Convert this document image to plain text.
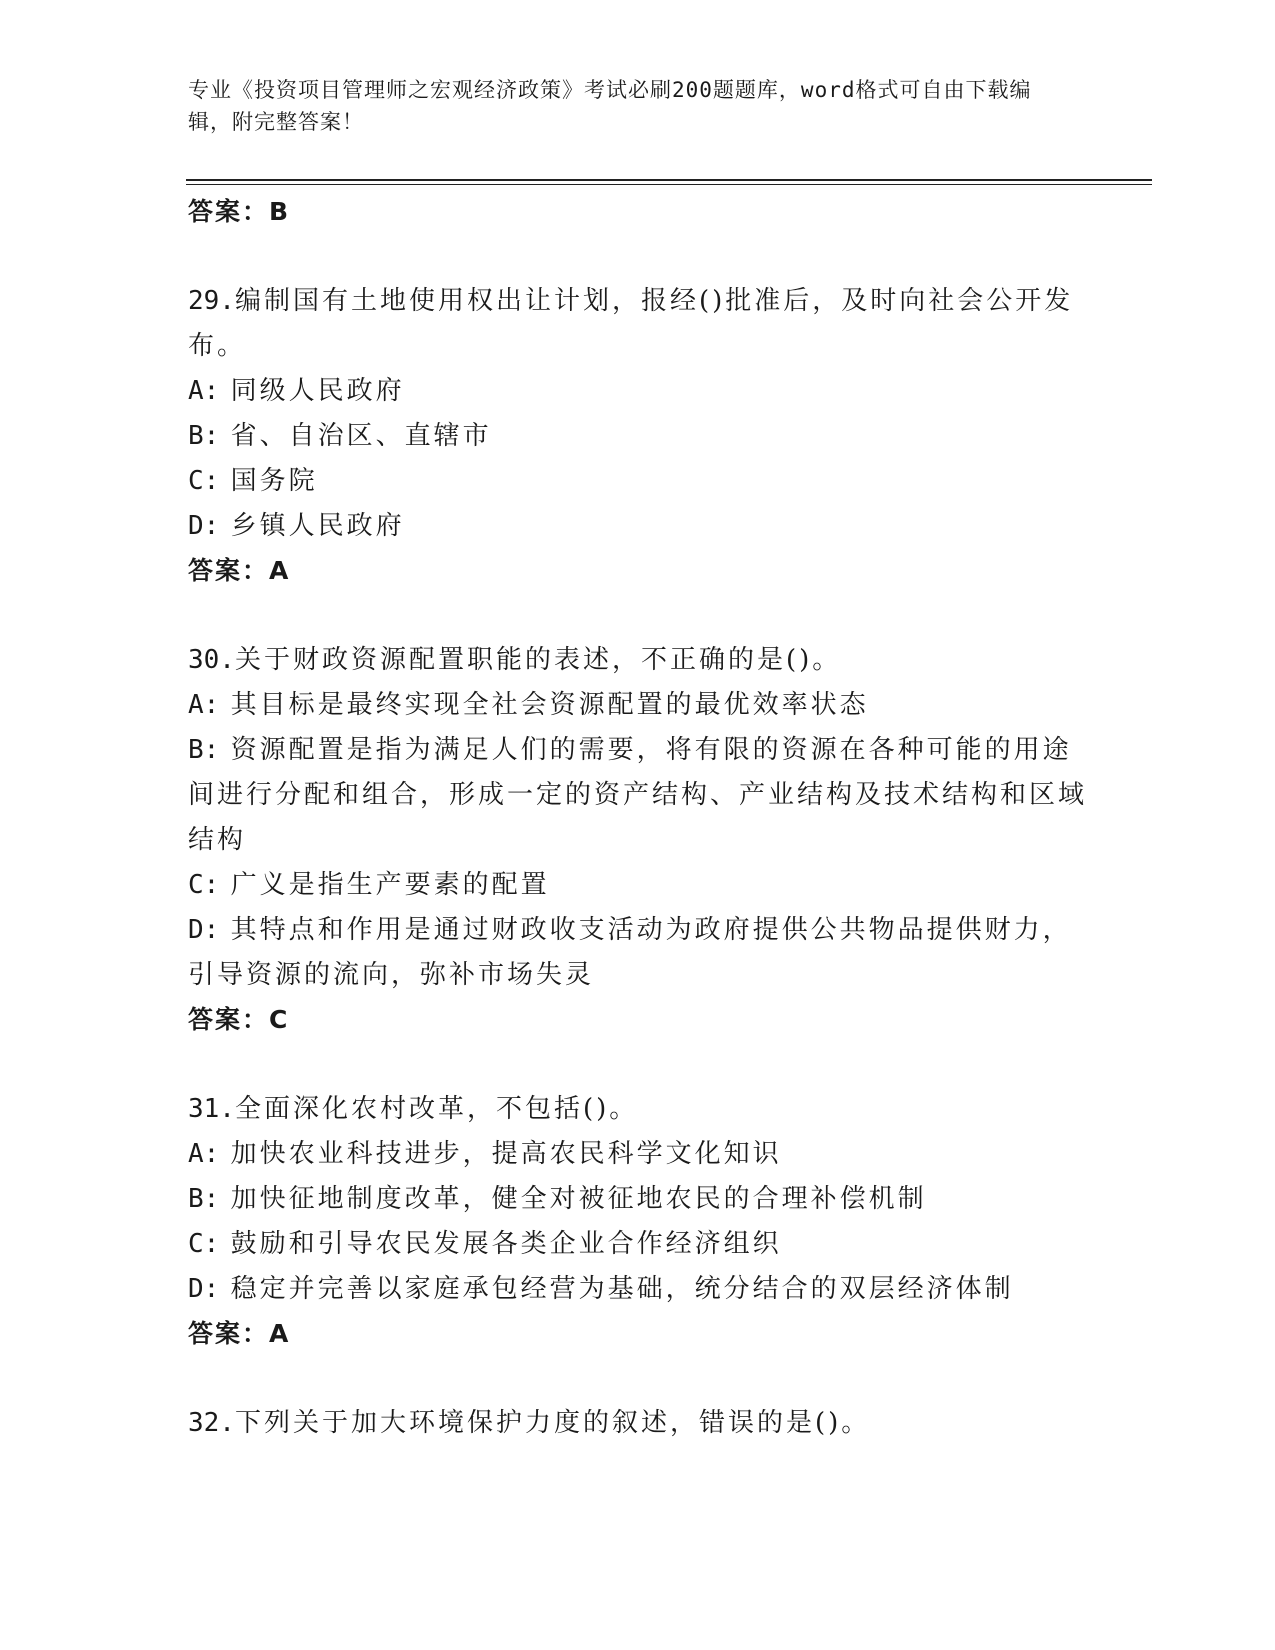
专业《投资项目管理师之宏观经济政策》考试必刷200题题库，word格式可自由下载编辑，附完整答案！

答案：B

29.编制国有土地使用权出让计划，报经()批准后，及时向社会公开发布。

A: 同级人民政府

B: 省、自治区、直辖市

C: 国务院

D: 乡镇人民政府

答案：A

30.关于财政资源配置职能的表述，不正确的是()。

A: 其目标是最终实现全社会资源配置的最优效率状态

B: 资源配置是指为满足人们的需要，将有限的资源在各种可能的用途间进行分配和组合，形成一定的资产结构、产业结构及技术结构和区域结构

C: 广义是指生产要素的配置

D: 其特点和作用是通过财政收支活动为政府提供公共物品提供财力，引导资源的流向，弥补市场失灵

答案：C

31.全面深化农村改革，不包括()。

A: 加快农业科技进步，提高农民科学文化知识

B: 加快征地制度改革，健全对被征地农民的合理补偿机制

C: 鼓励和引导农民发展各类企业合作经济组织

D: 稳定并完善以家庭承包经营为基础，统分结合的双层经济体制

答案：A

32.下列关于加大环境保护力度的叙述，错误的是()。
